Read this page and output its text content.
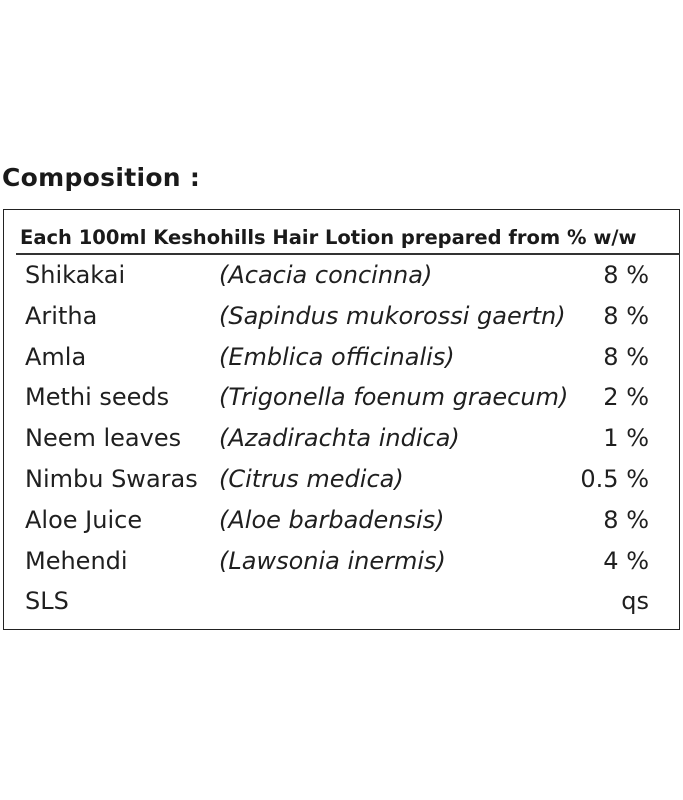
Composition :
Each 100ml Keshohills Hair Lotion prepared from % w/w
Shikakai	(Acacia concinna)	8 %
Aritha	(Sapindus mukorossi gaertn) 8 %
Amla	(Emblica officinalis)	8 %
Methi seeds (Trigonella foenum graecum) 2 %
Neem leaves (Azadirachta indica)	1 %
Nimbu Swaras (Citrus medica)	0.5 %
Aloe Juice	(Aloe barbadensis)	8 %
Mehendi	(Lawsonia inermis)	4 %
SLS	qs
